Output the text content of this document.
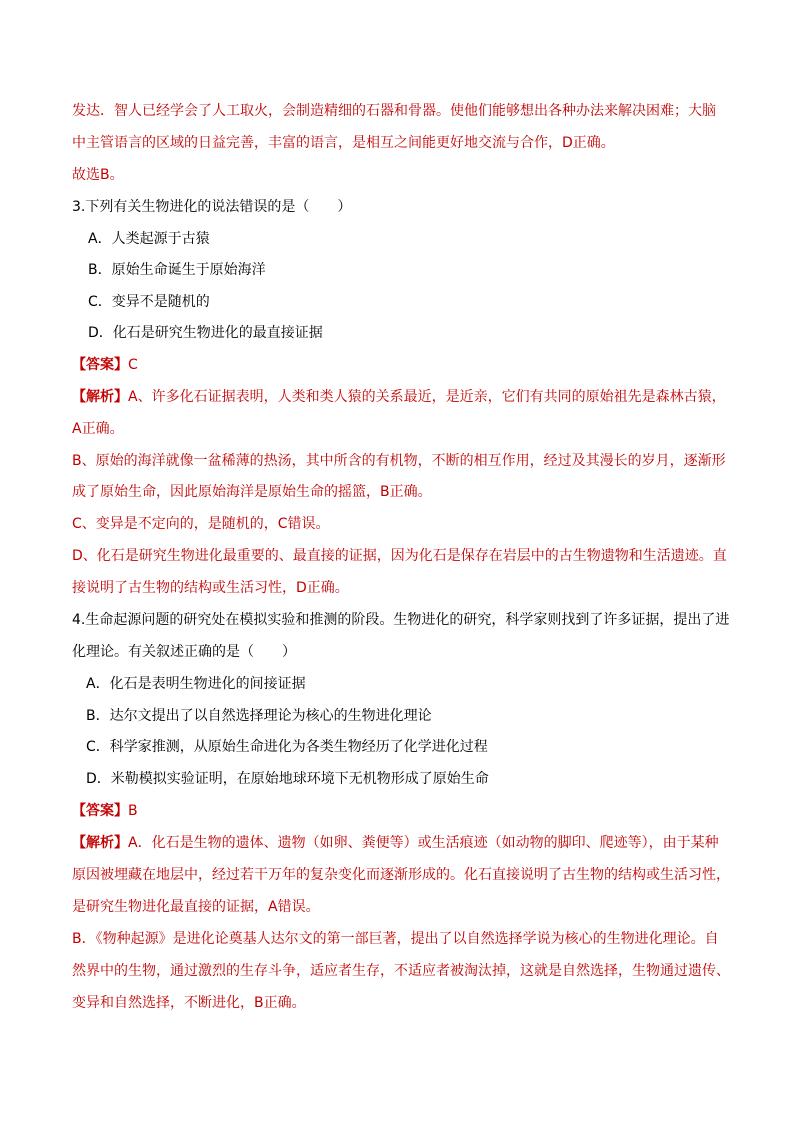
发达．智人已经学会了人工取火，会制造精细的石器和骨器。使他们能够想出各种办法来解决困难；大脑
中主管语言的区域的日益完善，丰富的语言，是相互之间能更好地交流与合作，D正确。
故选B。
3.下列有关生物进化的说法错误的是（　　）
A．人类起源于古猿
B．原始生命诞生于原始海洋
C．变异不是随机的
D．化石是研究生物进化的最直接证据
【答案】C
【解析】A、许多化石证据表明，人类和类人猿的关系最近，是近亲，它们有共同的原始祖先是森林古猿，
A正确。
B、原始的海洋就像一盆稀薄的热汤，其中所含的有机物，不断的相互作用，经过及其漫长的岁月，逐渐形
成了原始生命，因此原始海洋是原始生命的摇篮，B正确。
C、变异是不定向的，是随机的，C错误。
D、化石是研究生物进化最重要的、最直接的证据，因为化石是保存在岩层中的古生物遗物和生活遗迹。直
接说明了古生物的结构或生活习性，D正确。
4.生命起源问题的研究处在模拟实验和推测的阶段。生物进化的研究，科学家则找到了许多证据，提出了进
化理论。有关叙述正确的是（　　）
A．化石是表明生物进化的间接证据
B．达尔文提出了以自然选择理论为核心的生物进化理论
C．科学家推测，从原始生命进化为各类生物经历了化学进化过程
D．米勒模拟实验证明，在原始地球环境下无机物形成了原始生命
【答案】B
【解析】A．化石是生物的遗体、遗物（如卵、粪便等）或生活痕迹（如动物的脚印、爬迹等），由于某种
原因被埋藏在地层中，经过若干万年的复杂变化而逐渐形成的。化石直接说明了古生物的结构或生活习性，
是研究生物进化最直接的证据，A错误。
B．《物种起源》是进化论奠基人达尔文的第一部巨著，提出了以自然选择学说为核心的生物进化理论。自
然界中的生物，通过激烈的生存斗争，适应者生存，不适应者被淘汰掉，这就是自然选择，生物通过遗传、
变异和自然选择，不断进化，B正确。
